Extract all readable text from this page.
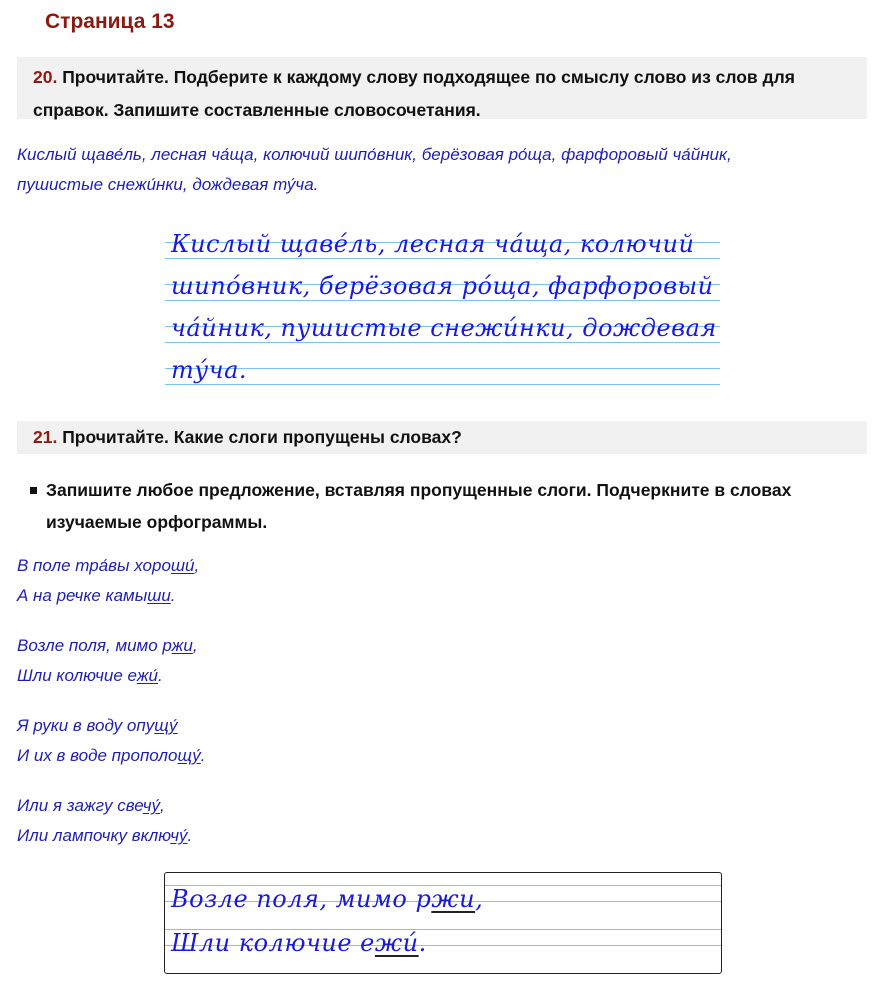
Страница 13
20. Прочитайте. Подберите к каждому слову подходящее по смыслу слово из слов для справок. Запишите составленные словосочетания.
Кислый щаве́ль, лесная ча́ща, колючий шипо́вник, берёзовая ро́ща, фарфоровый ча́йник,
пушистые снежи́нки, дождевая ту́ча.
Кислый щаве́ль, лесная ча́ща, колючий
шипо́вник, берёзовая ро́ща, фарфоровый
ча́йник, пушистые снежи́нки, дождевая
ту́ча.
21. Прочитайте. Какие слоги пропущены словах?
Запишите любое предложение, вставляя пропущенные слоги. Подчеркните в словах изучаемые орфограммы.
В поле тра́вы хороши́,
А на речке камыши.
Возле поля, мимо ржи,
Шли колючие ежи́.
Я руки в воду опущу́
И их в воде прополощу́.
Или я зажгу свечу́,
Или лампочку включу́.
Возле поля, мимо ржи,
Шли колючие ежи́.
